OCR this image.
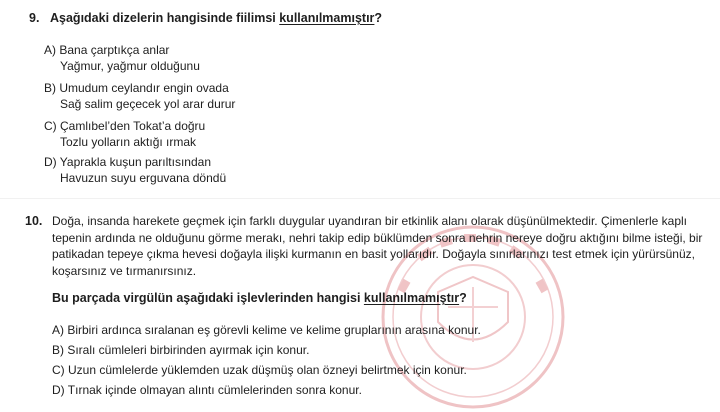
9. Aşağıdaki dizelerin hangisinde fiilimsi kullanılmamıştır?
A) Bana çarptıkça anlar
Yağmur, yağmur olduğunu
B) Umudum ceylandır engin ovada
Sağ salim geçecek yol arar durur
C) Çamlıbel’den Tokat’a doğru
Tozlu yolların aktığı ırmak
D) Yaprakla kuşun parıltısından
Havuzun suyu erguvana döndü
10. Doğa, insanda harekete geçmek için farklı duygular uyandıran bir etkinlik alanı olarak düşünülmektedir. Çimenlerle kaplı
tepenin ardında ne olduğunu görme merakı, nehri takip edip büklümden sonra nehrin nereye doğru aktığını bilme isteği, bir
patikadan tepeye çıkma hevesi doğayla ilişki kurmanın en basit yollarıdır. Doğayla sınırlarınızı test etmek için yürürsünüz,
koşarsınız ve tırmanırsınız.
Bu parçada virgülün aşağıdaki işlevlerinden hangisi kullanılmamıştır?
A) Birbiri ardınca sıralanan eş görevli kelime ve kelime gruplarının arasına konur.
B) Sıralı cümleleri birbirinden ayırmak için konur.
C) Uzun cümlelerde yüklemden uzak düşmüş olan özneyi belirtmek için konur.
D) Tırnak içinde olmayan alıntı cümlelerinden sonra konur.
